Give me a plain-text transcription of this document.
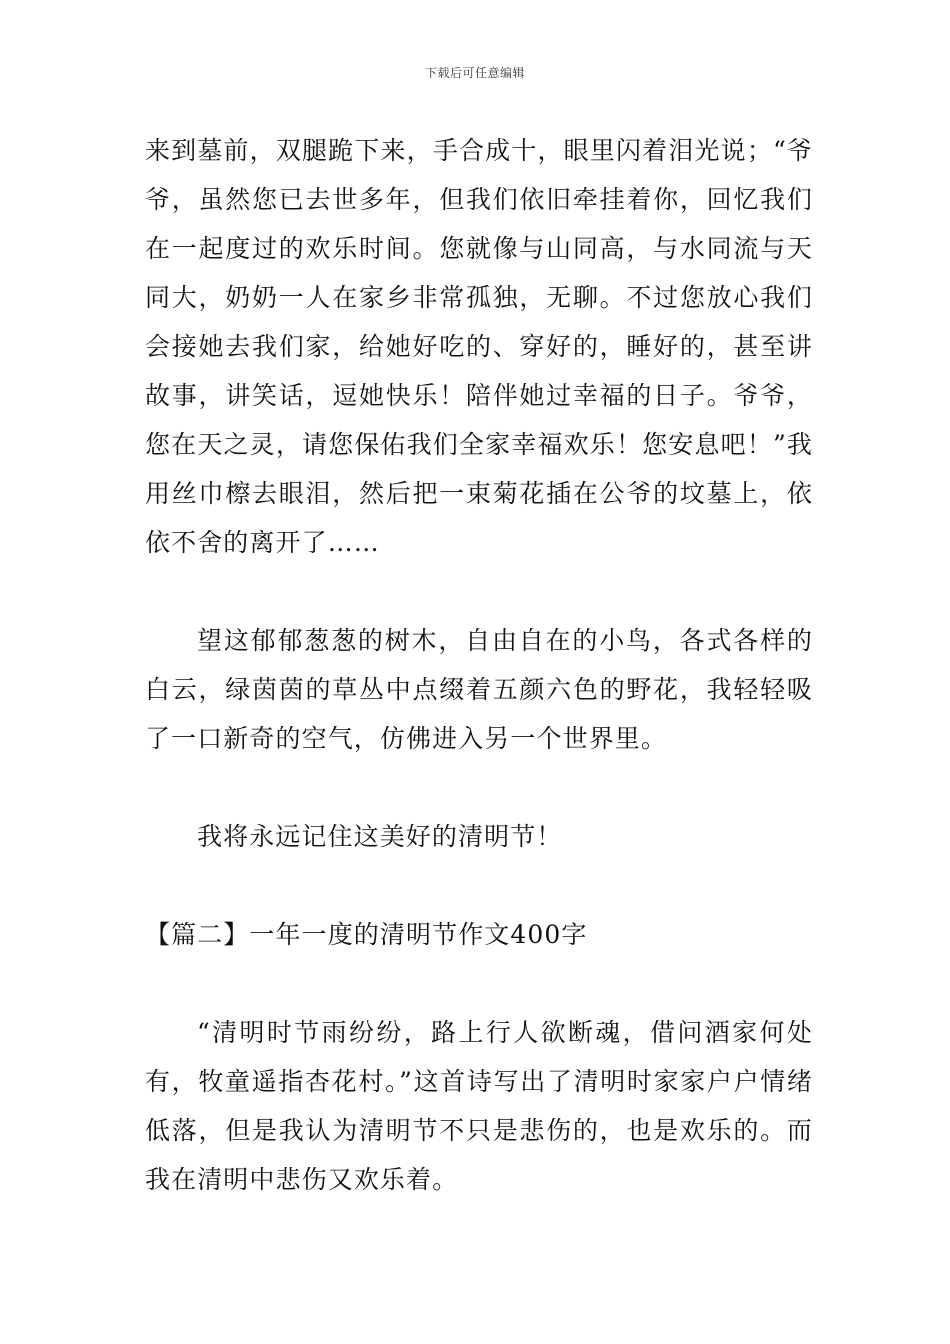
下载后可任意编辑

来到墓前，双腿跪下来，手合成十，眼里闪着泪光说；“爷爷，虽然您已去世多年，但我们依旧牵挂着你，回忆我们在一起度过的欢乐时间。您就像与山同高，与水同流与天同大，奶奶一人在家乡非常孤独，无聊。不过您放心我们会接她去我们家，给她好吃的、穿好的，睡好的，甚至讲故事，讲笑话，逗她快乐！陪伴她过幸福的日子。爷爷，您在天之灵，请您保佑我们全家幸福欢乐！您安息吧！”我用丝巾檫去眼泪，然后把一束菊花插在公爷的坟墓上，依依不舍的离开了……

望这郁郁葱葱的树木，自由自在的小鸟，各式各样的白云，绿茵茵的草丛中点缀着五颜六色的野花，我轻轻吸了一口新奇的空气，仿佛进入另一个世界里。

我将永远记住这美好的清明节！

【篇二】一年一度的清明节作文400字

“清明时节雨纷纷，路上行人欲断魂，借问酒家何处有，牧童遥指杏花村。”这首诗写出了清明时家家户户情绪低落，但是我认为清明节不只是悲伤的，也是欢乐的。而我在清明中悲伤又欢乐着。
